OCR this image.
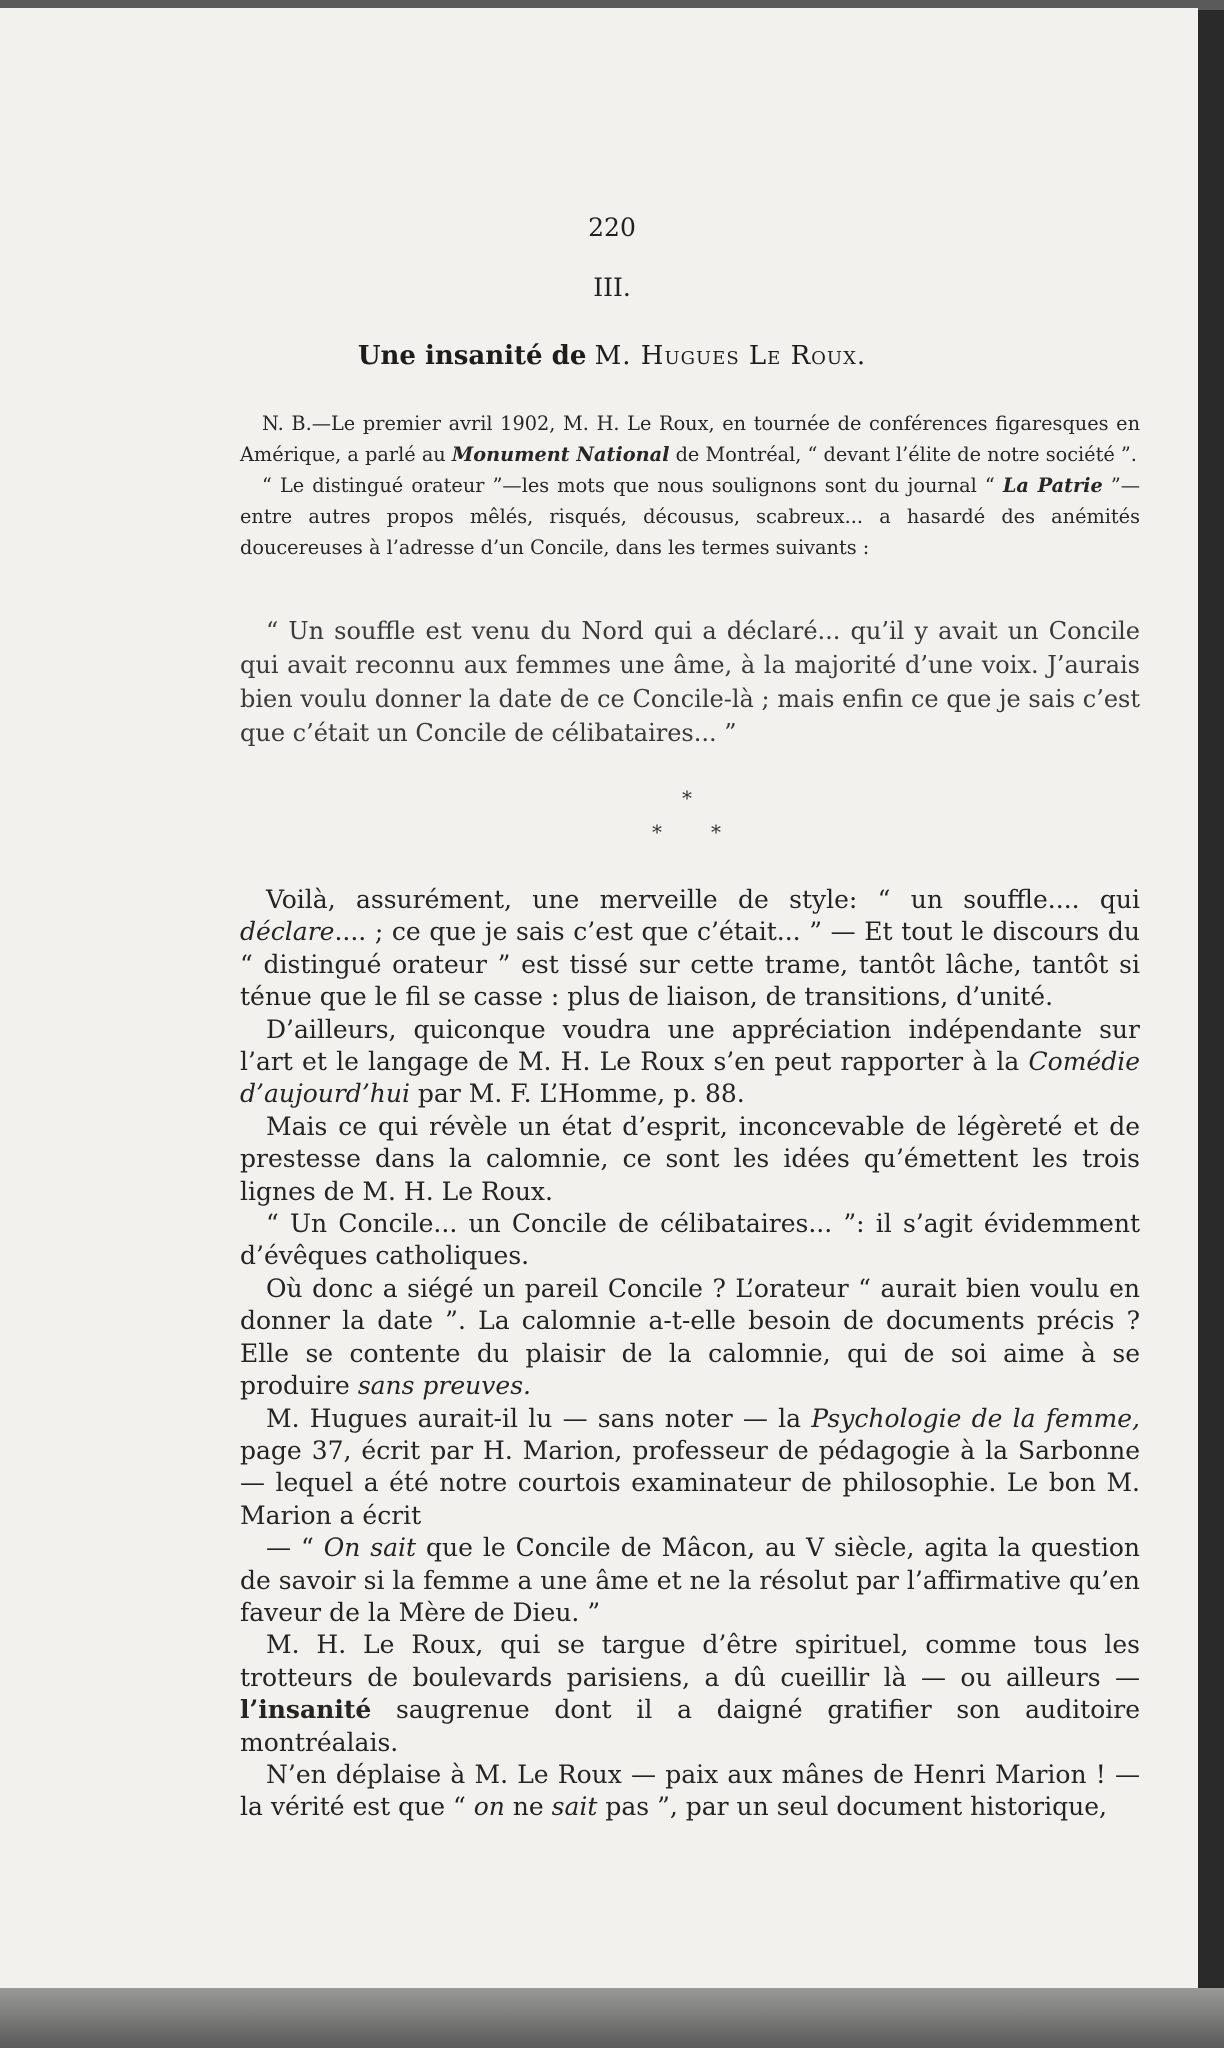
220
III.
Une insanité de M. Hugues Le Roux.

N. B.—Le premier avril 1902, M. H. Le Roux, en tournée de conférences figaresques en Amérique, a parlé au Monument National de Montréal, “ devant l’élite de notre société ”.

“ Le distingué orateur ”—les mots que nous soulignons sont du journal “ La Patrie ”—entre autres propos mêlés, risqués, décousus, scabreux... a hasardé des anémités doucereuses à l’adresse d’un Concile, dans les termes suivants :

“ Un souffle est venu du Nord qui a déclaré... qu’il y avait un Concile qui avait reconnu aux femmes une âme, à la majorité d’une voix. J’aurais bien voulu donner la date de ce Concile-là ; mais enfin ce que je sais c’est que c’était un Concile de célibataires... ”
*
* *

Voilà, assurément, une merveille de style: “ un souffle.... qui déclare.... ; ce que je sais c’est que c’était... ” — Et tout le discours du “ distingué orateur ” est tissé sur cette trame, tantôt lâche, tantôt si ténue que le fil se casse : plus de liaison, de transitions, d’unité.

D’ailleurs, quiconque voudra une appréciation indépendante sur l’art et le langage de M. H. Le Roux s’en peut rapporter à la Comédie d’aujourd’hui par M. F. L’Homme, p. 88.

Mais ce qui révèle un état d’esprit, inconcevable de légèreté et de prestesse dans la calomnie, ce sont les idées qu’émettent les trois lignes de M. H. Le Roux.

“ Un Concile... un Concile de célibataires... ”: il s’agit évidemment d’évêques catholiques.

Où donc a siégé un pareil Concile ? L’orateur “ aurait bien voulu en donner la date ”. La calomnie a-t-elle besoin de documents précis ? Elle se contente du plaisir de la calomnie, qui de soi aime à se produire sans preuves.

M. Hugues aurait-il lu — sans noter — la Psychologie de la femme, page 37, écrit par H. Marion, professeur de pédagogie à la Sarbonne — lequel a été notre courtois examinateur de philosophie. Le bon M. Marion a écrit

— “ On sait que le Concile de Mâcon, au V siècle, agita la question de savoir si la femme a une âme et ne la résolut par l’affirmative qu’en faveur de la Mère de Dieu. ”

M. H. Le Roux, qui se targue d’être spirituel, comme tous les trotteurs de boulevards parisiens, a dû cueillir là — ou ailleurs — l’insanité saugrenue dont il a daigné gratifier son auditoire montréalais.

N’en déplaise à M. Le Roux — paix aux mânes de Henri Marion ! — la vérité est que “ on ne sait pas ”, par un seul document historique,
